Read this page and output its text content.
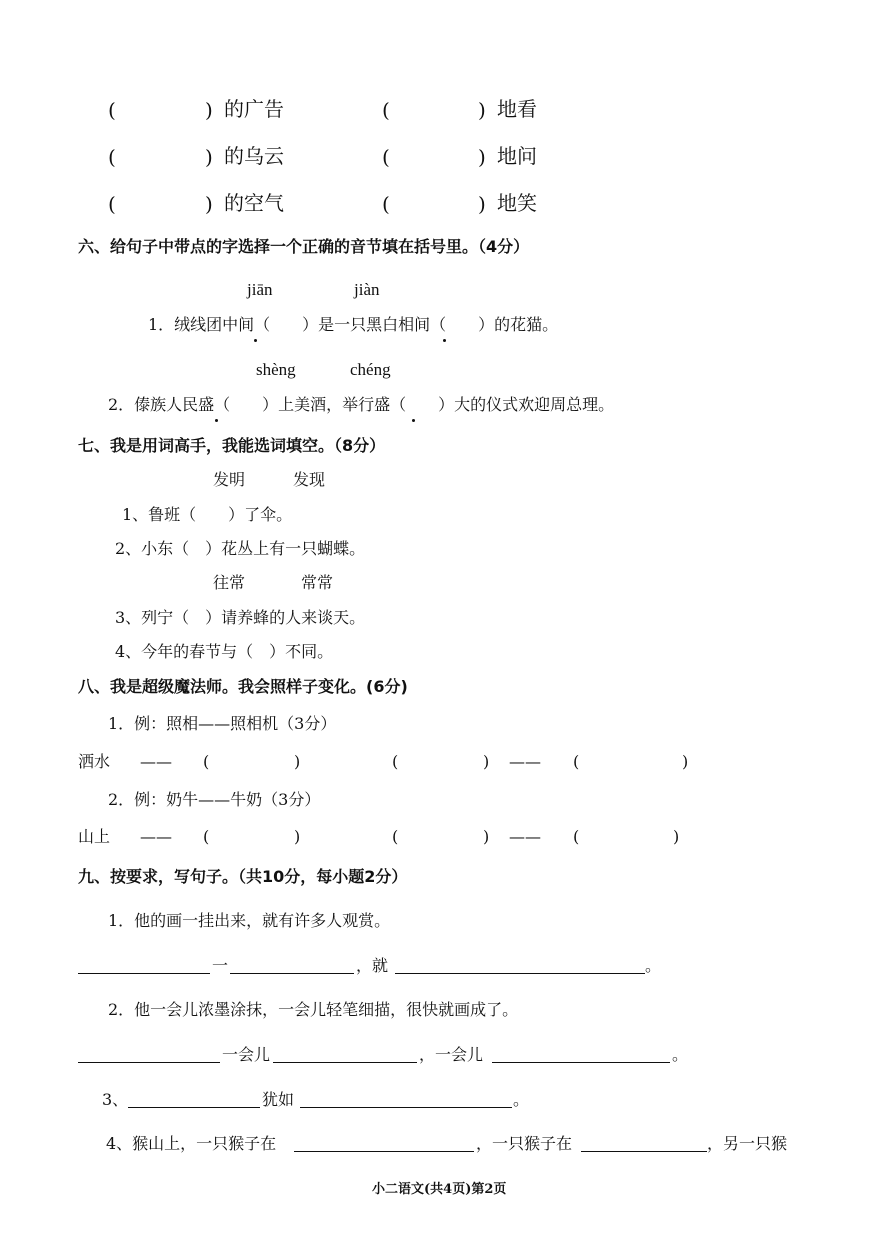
(	) 的广告	(	) 地看
(	) 的乌云	(	) 地问
(	) 的空气	(	) 地笑
六、给句子中带点的字选择一个正确的音节填在括号里。（4分）
jiān	jiàn
1．绒线团中间（　　）是一只黑白相间（　　）的花猫。
shèng	chéng
2．傣族人民盛（　　）上美酒，举行盛（　　）大的仪式欢迎周总理。
七、我是用词高手，我能选词填空。（8分）
发明	发现
1、鲁班（　　）了伞。
2、小东（　）花丛上有一只蝴蝶。
往常	常常
3、列宁（　）请养蜂的人来谈天。
4、今年的春节与（　）不同。
八、我是超级魔法师。我会照样子变化。(6分)
1．例：照相——照相机（3分）
洒水 —— (	)	(	) —— (	)
2．例：奶牛——牛奶（3分）
山上 —— (	)	(	) —— (	)
九、按要求，写句子。（共10分，每小题2分）
1．他的画一挂出来，就有许多人观赏。
一	，就	。
2．他一会儿浓墨涂抹，一会儿轻笔细描，很快就画成了。
一会儿	，一会儿	。
3、	犹如	。
4、猴山上，一只猴子在	，一只猴子在	，另一只猴
小二语文(共4页)第2页
